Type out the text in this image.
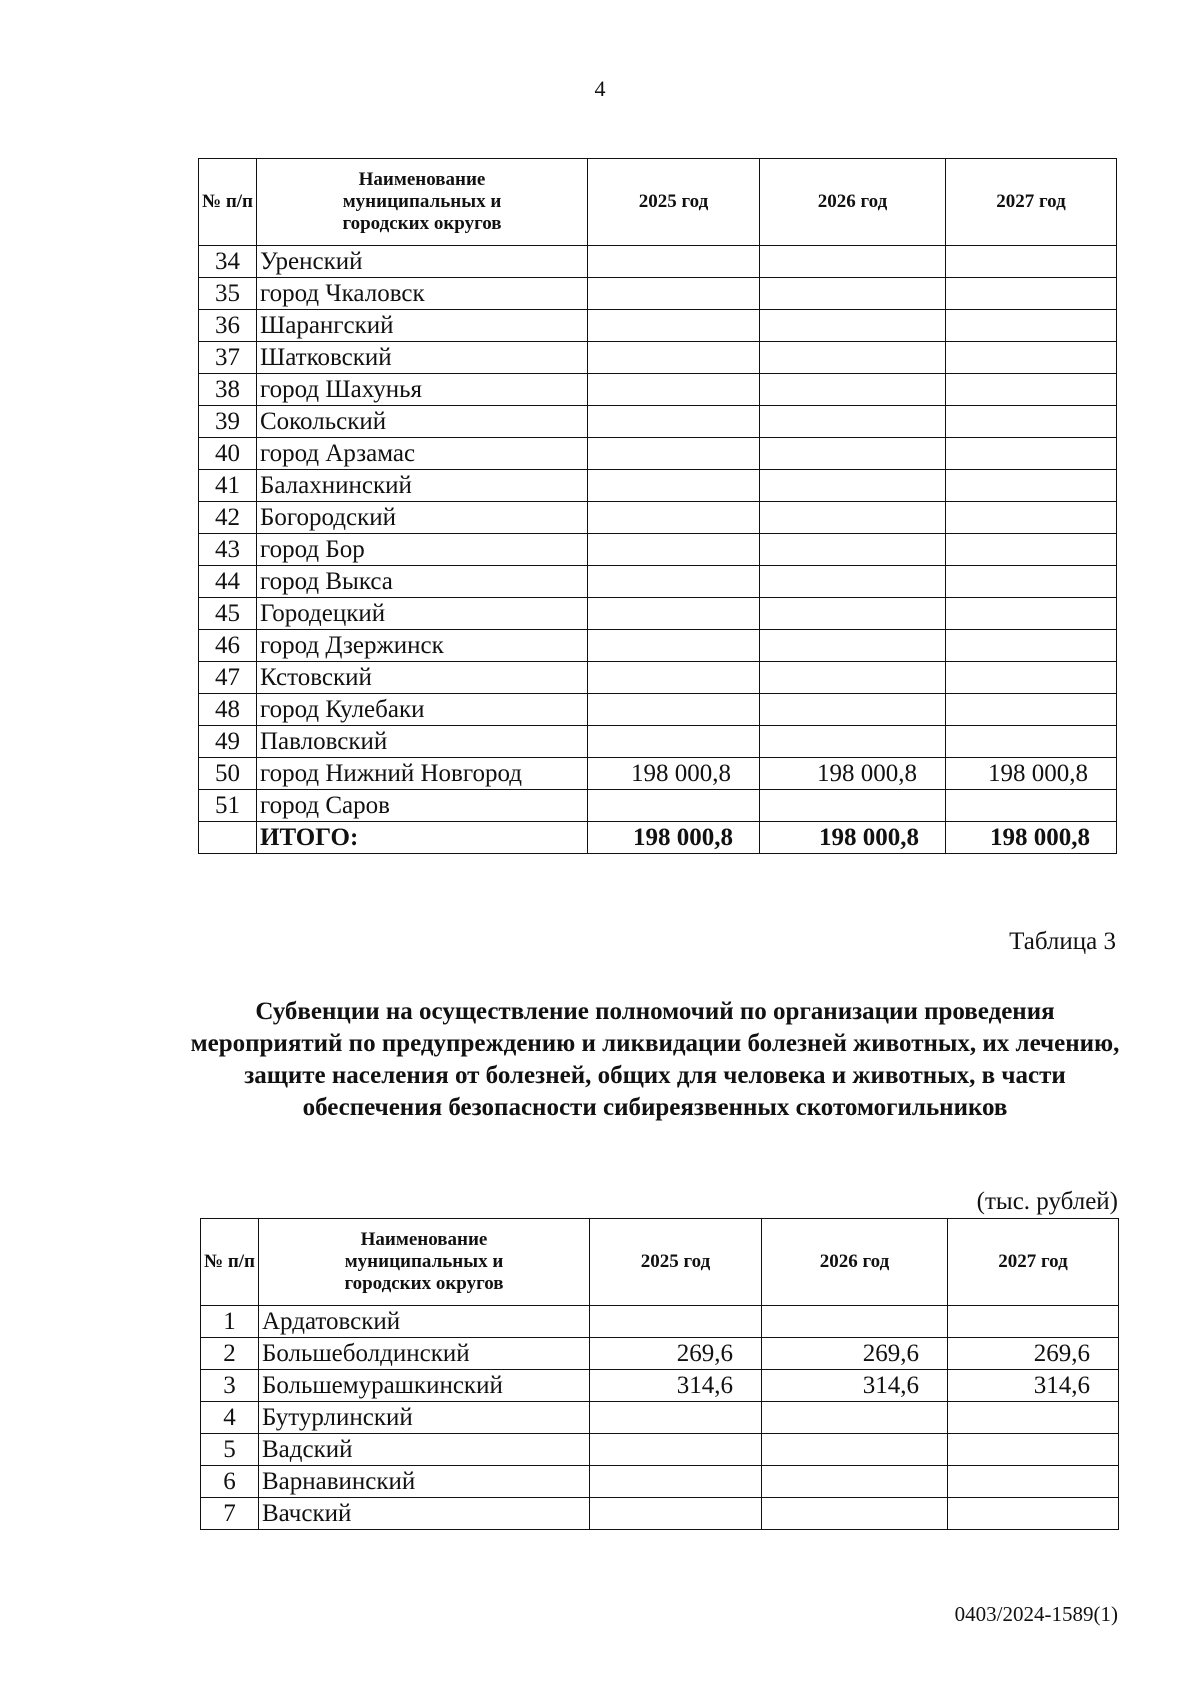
4
№ п/п	Наименование муниципальных и городских округов	2025 год	2026 год	2027 год
34	Уренский			
35	город Чкаловск			
36	Шарангский			
37	Шатковский			
38	город Шахунья			
39	Сокольский			
40	город Арзамас			
41	Балахнинский			
42	Богородский			
43	город Бор			
44	город Выкса			
45	Городецкий			
46	город Дзержинск			
47	Кстовский			
48	город Кулебаки			
49	Павловский			
50	город Нижний Новгород	198 000,8	198 000,8	198 000,8
51	город Саров			
	ИТОГО:	198 000,8	198 000,8	198 000,8
Таблица 3
Субвенции на осуществление полномочий по организации проведения мероприятий по предупреждению и ликвидации болезней животных, их лечению, защите населения от болезней, общих для человека и животных, в части обеспечения безопасности сибиреязвенных скотомогильников
(тыс. рублей)
№ п/п	Наименование муниципальных и городских округов	2025 год	2026 год	2027 год
1	Ардатовский			
2	Большеболдинский	269,6	269,6	269,6
3	Большемурашкинский	314,6	314,6	314,6
4	Бутурлинский			
5	Вадский			
6	Варнавинский			
7	Вачский			
0403/2024-1589(1)
